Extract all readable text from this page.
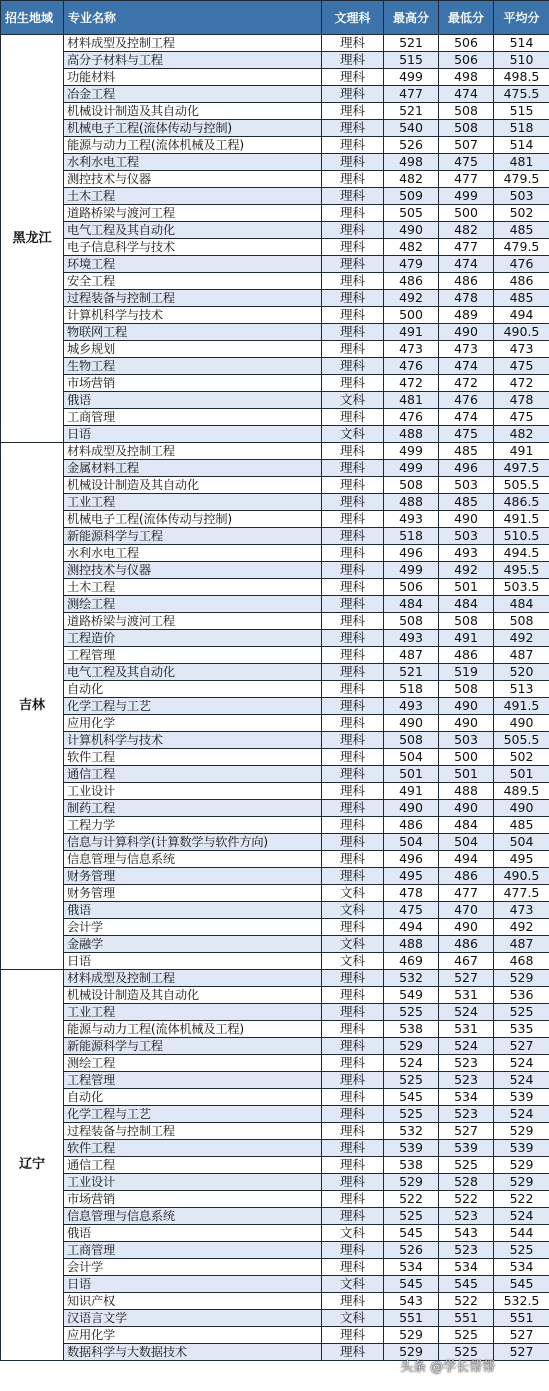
招生地域	专业名称	文理科	最高分	最低分	平均分
黑龙江	材料成型及控制工程	理科	521	506	514
	高分子材料与工程	理科	515	506	510
	功能材料	理科	499	498	498.5
	冶金工程	理科	477	474	475.5
	机械设计制造及其自动化	理科	521	508	515
	机械电子工程(流体传动与控制)	理科	540	508	518
	能源与动力工程(流体机械及工程)	理科	526	507	514
	水利水电工程	理科	498	475	481
	测控技术与仪器	理科	482	477	479.5
	土木工程	理科	509	499	503
	道路桥梁与渡河工程	理科	505	500	502
	电气工程及其自动化	理科	490	482	485
	电子信息科学与技术	理科	482	477	479.5
	环境工程	理科	479	474	476
	安全工程	理科	486	486	486
	过程装备与控制工程	理科	492	478	485
	计算机科学与技术	理科	500	489	494
	物联网工程	理科	491	490	490.5
	城乡规划	理科	473	473	473
	生物工程	理科	476	474	475
	市场营销	理科	472	472	472
	俄语	文科	481	476	478
	工商管理	理科	476	474	475
	日语	文科	488	475	482
吉林	材料成型及控制工程	理科	499	485	491
	金属材料工程	理科	499	496	497.5
	机械设计制造及其自动化	理科	508	503	505.5
	工业工程	理科	488	485	486.5
	机械电子工程(流体传动与控制)	理科	493	490	491.5
	新能源科学与工程	理科	518	503	510.5
	水利水电工程	理科	496	493	494.5
	测控技术与仪器	理科	499	492	495.5
	土木工程	理科	506	501	503.5
	测绘工程	理科	484	484	484
	道路桥梁与渡河工程	理科	508	508	508
	工程造价	理科	493	491	492
	工程管理	理科	487	486	487
	电气工程及其自动化	理科	521	519	520
	自动化	理科	518	508	513
	化学工程与工艺	理科	493	490	491.5
	应用化学	理科	490	490	490
	计算机科学与技术	理科	508	503	505.5
	软件工程	理科	504	500	502
	通信工程	理科	501	501	501
	工业设计	理科	491	488	489.5
	制药工程	理科	490	490	490
	工程力学	理科	486	484	485
	信息与计算科学(计算数学与软件方向)	理科	504	504	504
	信息管理与信息系统	理科	496	494	495
	财务管理	理科	495	486	490.5
	财务管理	文科	478	477	477.5
	俄语	文科	475	470	473
	会计学	理科	494	490	492
	金融学	文科	488	486	487
	日语	文科	469	467	468
辽宁	材料成型及控制工程	理科	532	527	529
	机械设计制造及其自动化	理科	549	531	536
	工业工程	理科	525	524	525
	能源与动力工程(流体机械及工程)	理科	538	531	535
	新能源科学与工程	理科	529	524	527
	测绘工程	理科	524	523	524
	工程管理	理科	525	523	524
	自动化	理科	545	534	539
	化学工程与工艺	理科	525	523	524
	过程装备与控制工程	理科	532	527	529
	软件工程	理科	539	539	539
	通信工程	理科	538	525	529
	工业设计	理科	529	528	529
	市场营销	理科	522	522	522
	信息管理与信息系统	理科	525	523	524
	俄语	文科	545	543	544
	工商管理	理科	526	523	525
	会计学	理科	534	534	534
	日语	文科	545	545	545
	知识产权	理科	543	522	532.5
	汉语言文学	文科	551	551	551
	应用化学	理科	529	525	527
	数据科学与大数据技术	理科	529	525	527
头条 @学长帮帮
